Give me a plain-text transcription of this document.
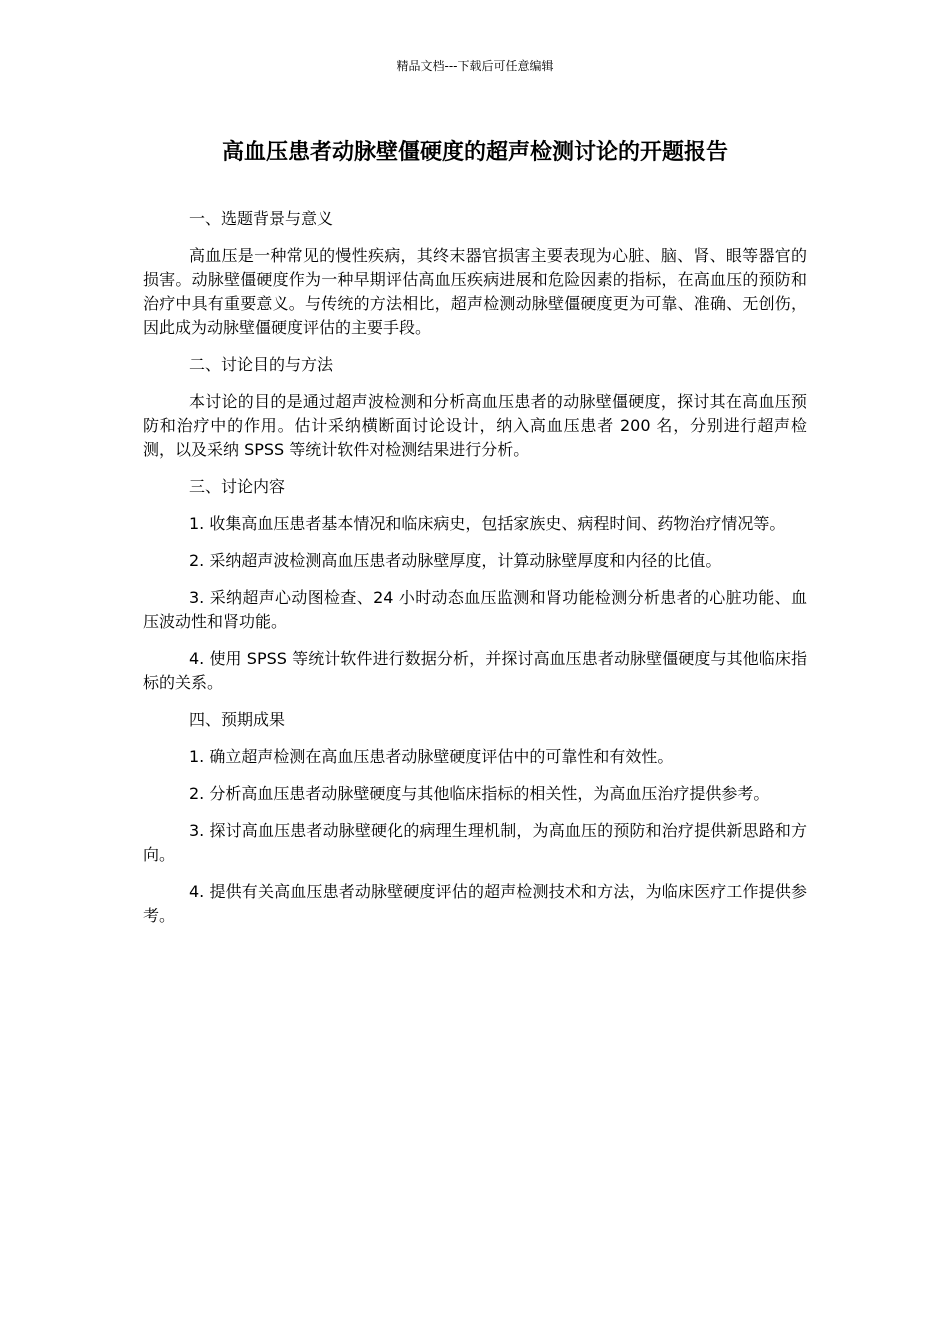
精品文档---下载后可任意编辑
高血压患者动脉壁僵硬度的超声检测讨论的开题报告

一、选题背景与意义

高血压是一种常见的慢性疾病，其终末器官损害主要表现为心脏、脑、肾、眼等器官的损害。动脉壁僵硬度作为一种早期评估高血压疾病进展和危险因素的指标，在高血压的预防和治疗中具有重要意义。与传统的方法相比，超声检测动脉壁僵硬度更为可靠、准确、无创伤，因此成为动脉壁僵硬度评估的主要手段。

二、讨论目的与方法

本讨论的目的是通过超声波检测和分析高血压患者的动脉壁僵硬度，探讨其在高血压预防和治疗中的作用。估计采纳横断面讨论设计，纳入高血压患者 200 名，分别进行超声检测，以及采纳 SPSS 等统计软件对检测结果进行分析。

三、讨论内容

1. 收集高血压患者基本情况和临床病史，包括家族史、病程时间、药物治疗情况等。

2. 采纳超声波检测高血压患者动脉壁厚度，计算动脉壁厚度和内径的比值。

3. 采纳超声心动图检查、24 小时动态血压监测和肾功能检测分析患者的心脏功能、血压波动性和肾功能。

4. 使用 SPSS 等统计软件进行数据分析，并探讨高血压患者动脉壁僵硬度与其他临床指标的关系。

四、预期成果

1. 确立超声检测在高血压患者动脉壁硬度评估中的可靠性和有效性。

2. 分析高血压患者动脉壁硬度与其他临床指标的相关性，为高血压治疗提供参考。

3. 探讨高血压患者动脉壁硬化的病理生理机制，为高血压的预防和治疗提供新思路和方向。

4. 提供有关高血压患者动脉壁硬度评估的超声检测技术和方法，为临床医疗工作提供参考。
